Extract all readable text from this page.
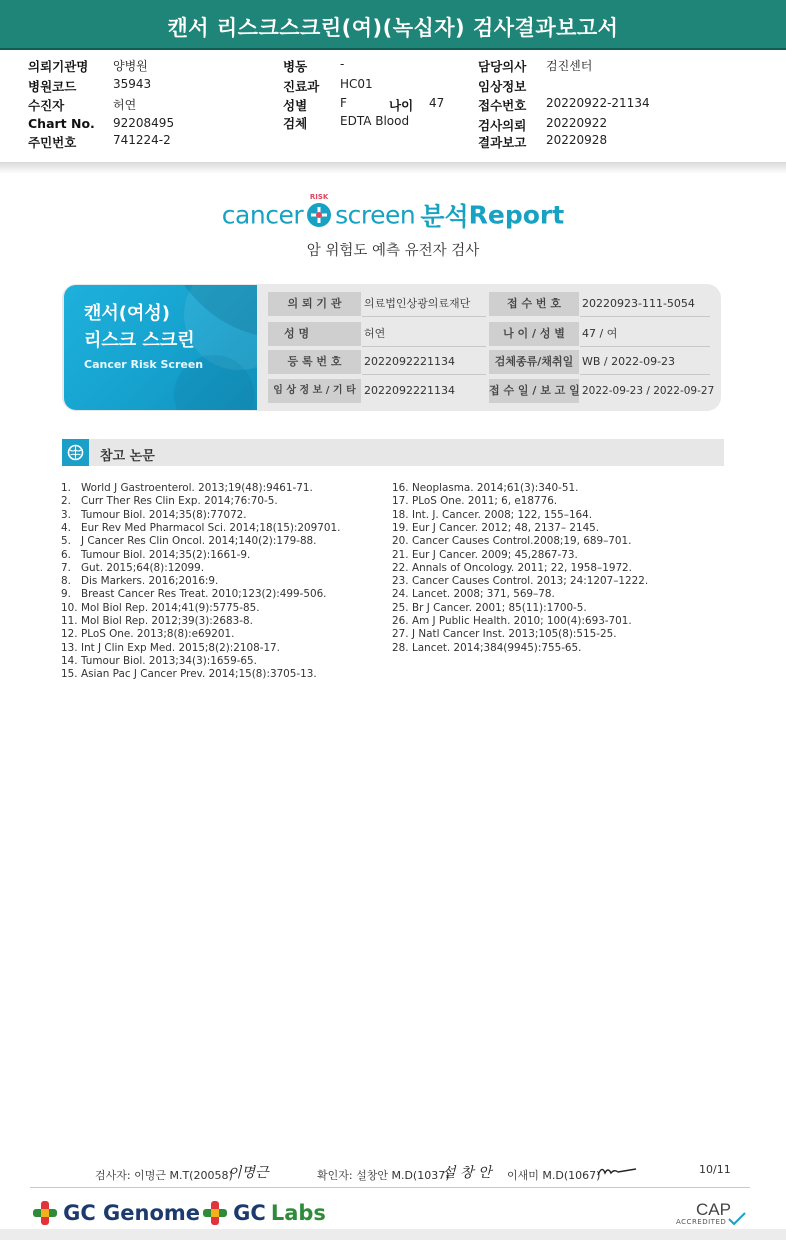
캔서 리스크스크린(여)(녹십자) 검사결과보고서
의뢰기관명 양병원
병원코드	35943
수진자	허연
Chart No. 92208495
주민번호	741224-2
병동	-
진료과 HC01
성별	F	나이 47
검체	EDTA Blood
담당의사 검진센터
임상정보
접수번호 20220922-21134
검사의뢰 20220922
결과보고 20220928
cancer
RISK
screen 분석Report
암 위험도 예측 유전자 검사
캔서(여성)
리스크 스크린
Cancer Risk Screen
의 뢰 기 관	의료법인상광의료재단	접 수 번 호	20220923-111-5054
성 명	허연	나 이 / 성 별	47 / 여
등 록 번 호	2022092221134	검체종류/채취일 WB / 2022-09-23
임 상 정 보 / 기 타 2022092221134	접 수 일 / 보 고 일 2022-09-23 / 2022-09-27
참고 논문
1. World J Gastroenterol. 2013;19(48):9461-71.
2. Curr Ther Res Clin Exp. 2014;76:70-5.
3. Tumour Biol. 2014;35(8):77072.
4. Eur Rev Med Pharmacol Sci. 2014;18(15):209701.
5. J Cancer Res Clin Oncol. 2014;140(2):179-88.
6. Tumour Biol. 2014;35(2):1661-9.
7. Gut. 2015;64(8):12099.
8. Dis Markers. 2016;2016:9.
9. Breast Cancer Res Treat. 2010;123(2):499-506.
10. Mol Biol Rep. 2014;41(9):5775-85.
11. Mol Biol Rep. 2012;39(3):2683-8.
12. PLoS One. 2013;8(8):e69201.
13. Int J Clin Exp Med. 2015;8(2):2108-17.
14. Tumour Biol. 2013;34(3):1659-65.
15. Asian Pac J Cancer Prev. 2014;15(8):3705-13.
16. Neoplasma. 2014;61(3):340-51.
17. PLoS One. 2011; 6, e18776.
18. Int. J. Cancer. 2008; 122, 155–164.
19. Eur J Cancer. 2012; 48, 2137– 2145.
20. Cancer Causes Control.2008;19, 689–701.
21. Eur J Cancer. 2009; 45,2867-73.
22. Annals of Oncology. 2011; 22, 1958–1972.
23. Cancer Causes Control. 2013; 24:1207–1222.
24. Lancet. 2008; 371, 569–78.
25. Br J Cancer. 2001; 85(11):1700-5.
26. Am J Public Health. 2010; 100(4):693-701.
27. J Natl Cancer Inst. 2013;105(8):515-25.
28. Lancet. 2014;384(9945):755-65.
검사자: 이명근 M.T(20058)
이명근	확인자: 설창안 M.D(1037)
설 창 안 이새미 M.D(1067)	10/11
GC Genome	GC Labs	CAP
ACCREDITED
